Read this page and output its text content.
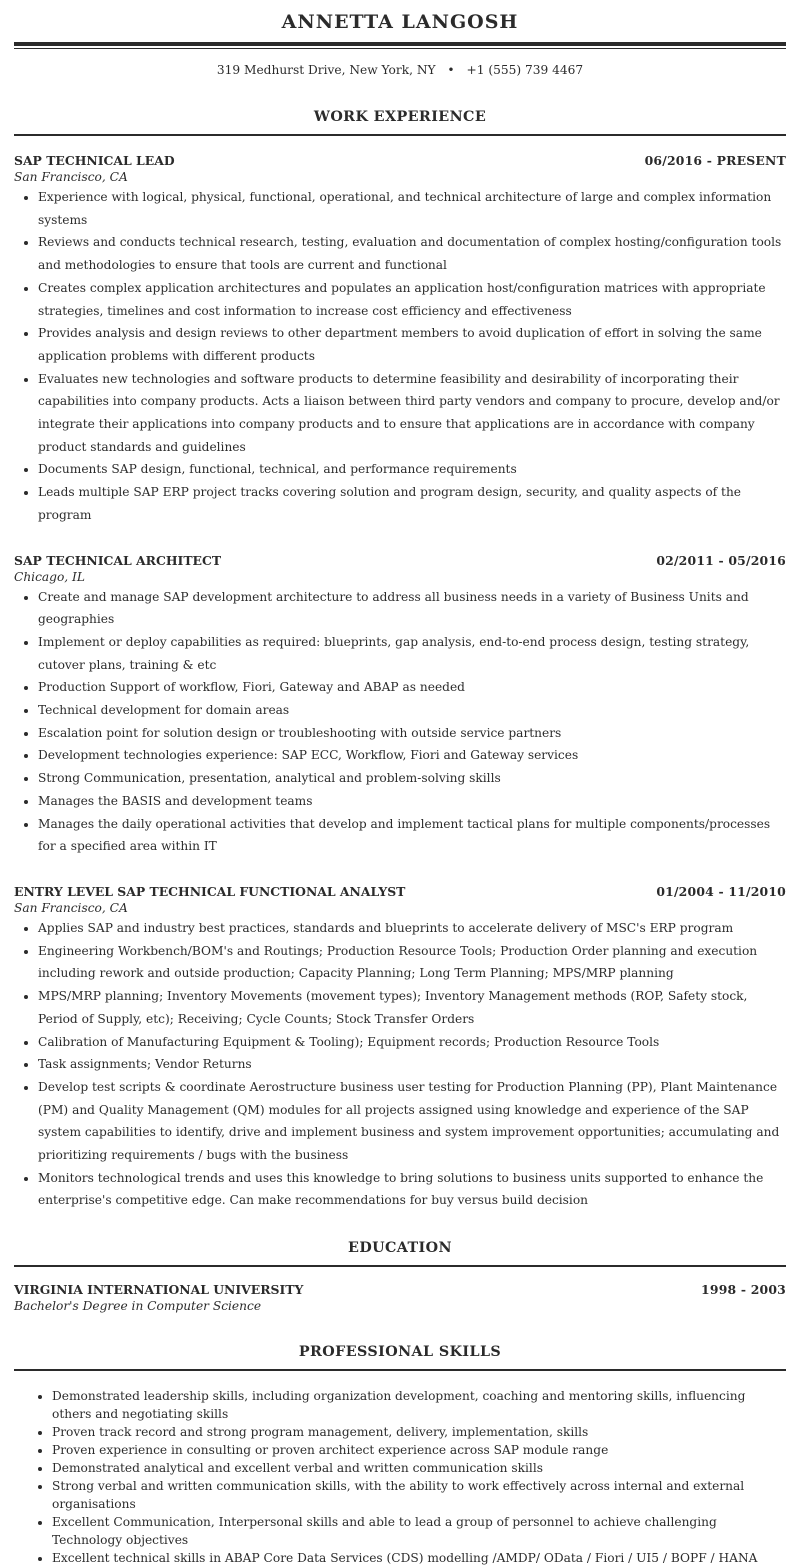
ANNETTA LANGOSH
319 Medhurst Drive, New York, NY • +1 (555) 739 4467
WORK EXPERIENCE
SAP TECHNICAL LEAD	06/2016 - PRESENT
San Francisco, CA
• Experience with logical, physical, functional, operational, and technical architecture of large and complex information systems
• Reviews and conducts technical research, testing, evaluation and documentation of complex hosting/configuration tools and methodologies to ensure that tools are current and functional
• Creates complex application architectures and populates an application host/configuration matrices with appropriate strategies, timelines and cost information to increase cost efficiency and effectiveness
• Provides analysis and design reviews to other department members to avoid duplication of effort in solving the same application problems with different products
• Evaluates new technologies and software products to determine feasibility and desirability of incorporating their capabilities into company products. Acts a liaison between third party vendors and company to procure, develop and/or integrate their applications into company products and to ensure that applications are in accordance with company product standards and guidelines
• Documents SAP design, functional, technical, and performance requirements
• Leads multiple SAP ERP project tracks covering solution and program design, security, and quality aspects of the program
SAP TECHNICAL ARCHITECT	02/2011 - 05/2016
Chicago, IL
• Create and manage SAP development architecture to address all business needs in a variety of Business Units and geographies
• Implement or deploy capabilities as required: blueprints, gap analysis, end-to-end process design, testing strategy, cutover plans, training & etc
• Production Support of workflow, Fiori, Gateway and ABAP as needed
• Technical development for domain areas
• Escalation point for solution design or troubleshooting with outside service partners
• Development technologies experience: SAP ECC, Workflow, Fiori and Gateway services
• Strong Communication, presentation, analytical and problem-solving skills
• Manages the BASIS and development teams
• Manages the daily operational activities that develop and implement tactical plans for multiple components/processes for a specified area within IT
ENTRY LEVEL SAP TECHNICAL FUNCTIONAL ANALYST	01/2004 - 11/2010
San Francisco, CA
• Applies SAP and industry best practices, standards and blueprints to accelerate delivery of MSC's ERP program
• Engineering Workbench/BOM's and Routings; Production Resource Tools; Production Order planning and execution including rework and outside production; Capacity Planning; Long Term Planning; MPS/MRP planning
• MPS/MRP planning; Inventory Movements (movement types); Inventory Management methods (ROP, Safety stock, Period of Supply, etc); Receiving; Cycle Counts; Stock Transfer Orders
• Calibration of Manufacturing Equipment & Tooling); Equipment records; Production Resource Tools
• Task assignments; Vendor Returns
• Develop test scripts & coordinate Aerostructure business user testing for Production Planning (PP), Plant Maintenance (PM) and Quality Management (QM) modules for all projects assigned using knowledge and experience of the SAP system capabilities to identify, drive and implement business and system improvement opportunities; accumulating and prioritizing requirements / bugs with the business
• Monitors technological trends and uses this knowledge to bring solutions to business units supported to enhance the enterprise's competitive edge. Can make recommendations for buy versus build decision
EDUCATION
VIRGINIA INTERNATIONAL UNIVERSITY	1998 - 2003
Bachelor's Degree in Computer Science
PROFESSIONAL SKILLS
• Demonstrated leadership skills, including organization development, coaching and mentoring skills, influencing others and negotiating skills
• Proven track record and strong program management, delivery, implementation, skills
• Proven experience in consulting or proven architect experience across SAP module range
• Demonstrated analytical and excellent verbal and written communication skills
• Strong verbal and written communication skills, with the ability to work effectively across internal and external organisations
• Excellent Communication, Interpersonal skills and able to lead a group of personnel to achieve challenging Technology objectives
• Excellent technical skills in ABAP Core Data Services (CDS) modelling /AMDP/ OData / Fiori / UI5 / BOPF / HANA
